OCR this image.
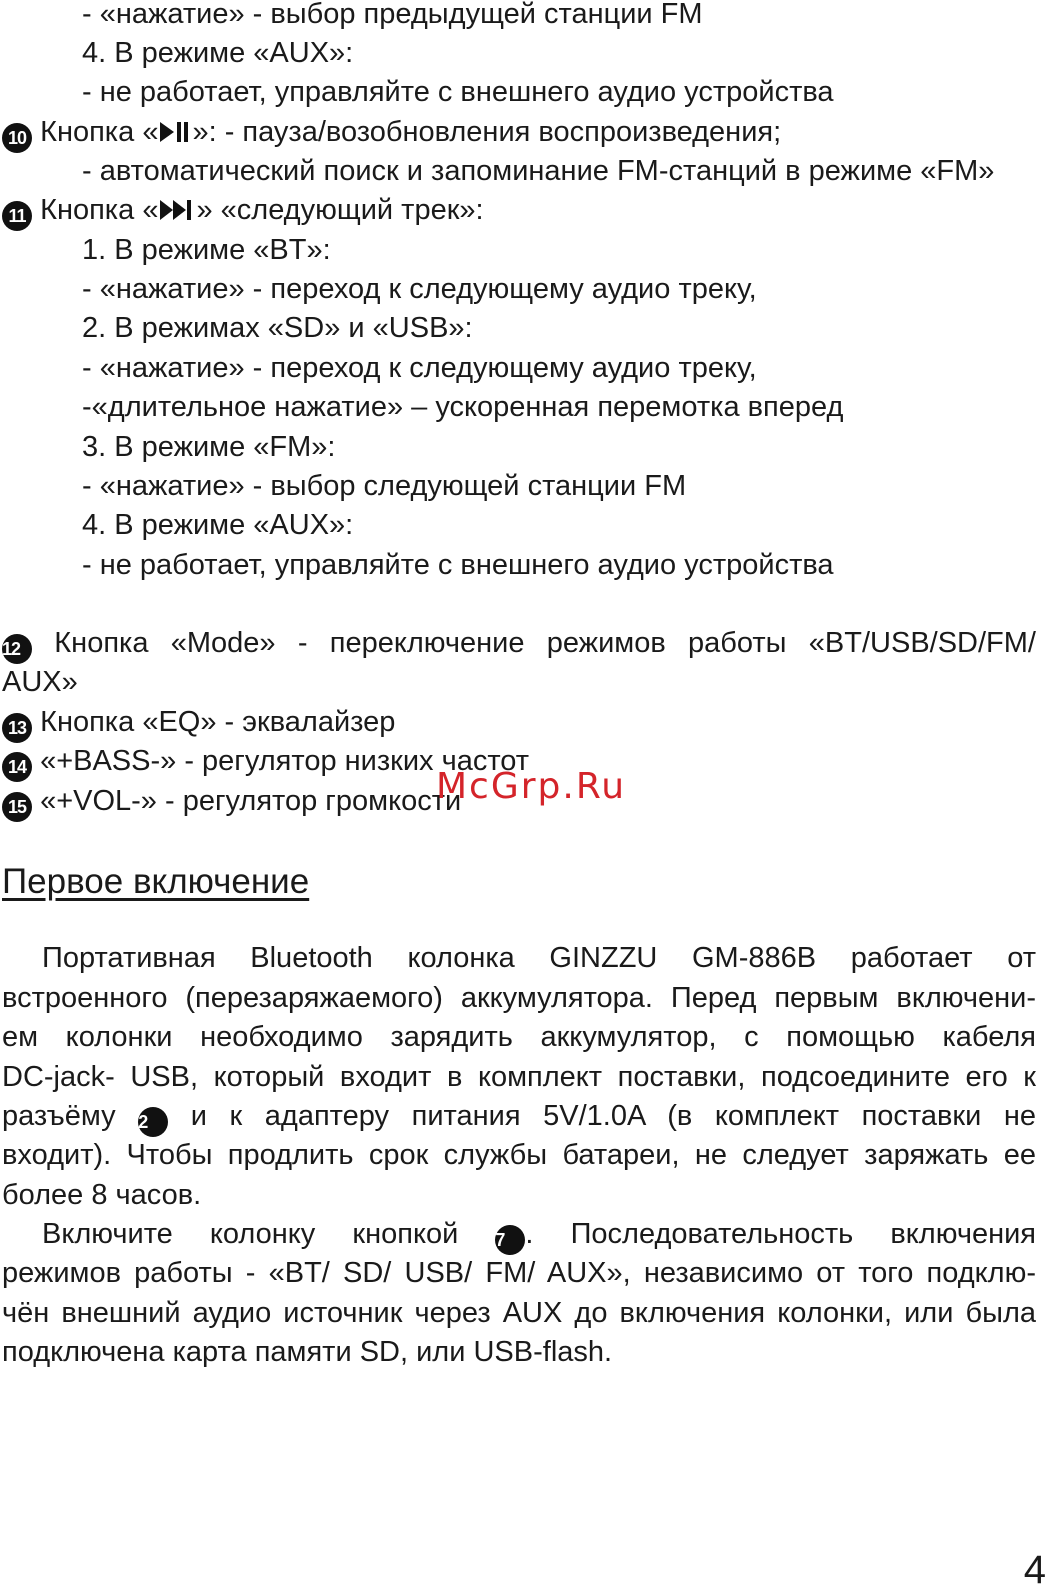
- «нажатие» - выбор предыдущей станции FM
4. В режиме «AUX»:
- не работает, управляйте с внешнего аудио устройства
10 Кнопка « »: - пауза/возобновления воспроизведения;
- автоматический поиск и запоминание FM-станций в режиме «FM»
11 Кнопка « » «следующий трек»:
1. В режиме «BT»:
- «нажатие» - переход к следующему аудио треку,
2. В режимах «SD» и «USB»:
- «нажатие» - переход к следующему аудио треку,
-«длительное нажатие» – ускоренная перемотка вперед
3. В режиме «FM»:
- «нажатие» - выбор следующей станции FM
4. В режиме «AUX»:
- не работает, управляйте с внешнего аудио устройства
12 Кнопка «Mode» - переключение режимов работы «BT/USB/SD/FM/
AUX»
13 Кнопка «EQ» - эквалайзер
14 «+BASS-» - регулятор низких частот
15 «+VOL-» - регулятор громкости
McGrp.Ru
Первое включение
Портативная Bluetooth колонка GINZZU GM-886B работает от
встроенного (перезаряжаемого) аккумулятора. Перед первым включени-
ем колонки необходимо зарядить аккумулятор, с помощью кабеля
DC-jack- USB, который входит в комплект поставки, подсоедините его к
разъёму 2 и к адаптеру питания 5V/1.0A (в комплект поставки не
входит). Чтобы продлить срок службы батареи, не следует заряжать ее
более 8 часов.
Включите колонку кнопкой 7 . Последовательность включения
режимов работы - «BT/ SD/ USB/ FM/ AUX», независимо от того подклю-
чён внешний аудио источник через AUX до включения колонки, или была
подключена карта памяти SD, или USB-flash.
4
